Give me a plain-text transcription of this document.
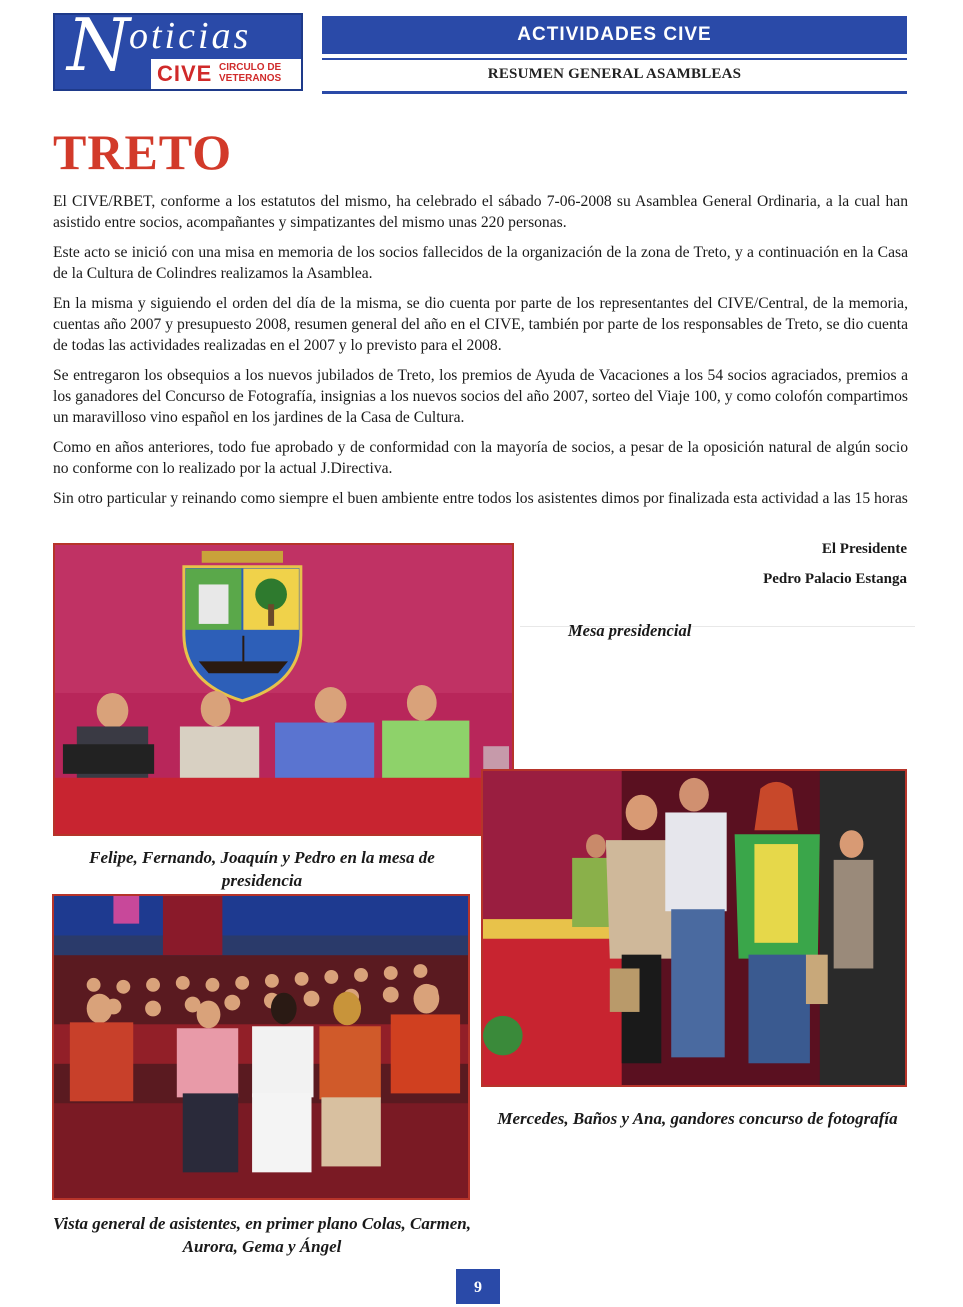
N oticias
CIVE CIRCULO DE
VETERANOS
ACTIVIDADES CIVE
RESUMEN GENERAL ASAMBLEAS
TRETO

El CIVE/RBET, conforme a los estatutos del mismo, ha celebrado el sábado 7-06-2008 su Asamblea General Ordinaria, a la cual han asistido entre socios, acompañantes y simpatizantes del mismo unas 220 personas.

Este acto se inició con una misa en memoria de los socios fallecidos de la organización de la zona de Treto, y a continuación en la Casa de la Cultura de Colindres realizamos la Asamblea.

En la misma y siguiendo el orden del día de la misma, se dio cuenta por parte de los representantes del CIVE/Central, de la memoria, cuentas año 2007 y presupuesto 2008, resumen general del año en el CIVE, también por parte de los responsables de Treto, se dio cuenta de todas las actividades realizadas en el 2007 y lo previsto para el 2008.

Se entregaron los obsequios a los nuevos jubilados de Treto, los premios de Ayuda de Vacaciones a los 54 socios agraciados, premios a los ganadores del Concurso de Fotografía, insignias a los nuevos socios del año 2007, sorteo del Viaje 100, y como colofón compartimos un maravilloso vino español en los jardines de la Casa de Cultura.

Como en años anteriores, todo fue aprobado y de conformidad con la mayoría de socios, a pesar de la oposición natural de algún socio no conforme con lo realizado por la actual J.Directiva.

Sin otro particular y reinando como siempre el buen ambiente entre todos los asistentes dimos por finalizada esta actividad a las 15 horas

El Presidente
Pedro Palacio Estanga
Mesa presidencial
Felipe, Fernando, Joaquín y Pedro en la mesa de presidencia
Mercedes, Baños y Ana, gandores concurso de fotografía
Vista general de asistentes, en primer plano Colas, Carmen, Aurora, Gema y Ángel
9
